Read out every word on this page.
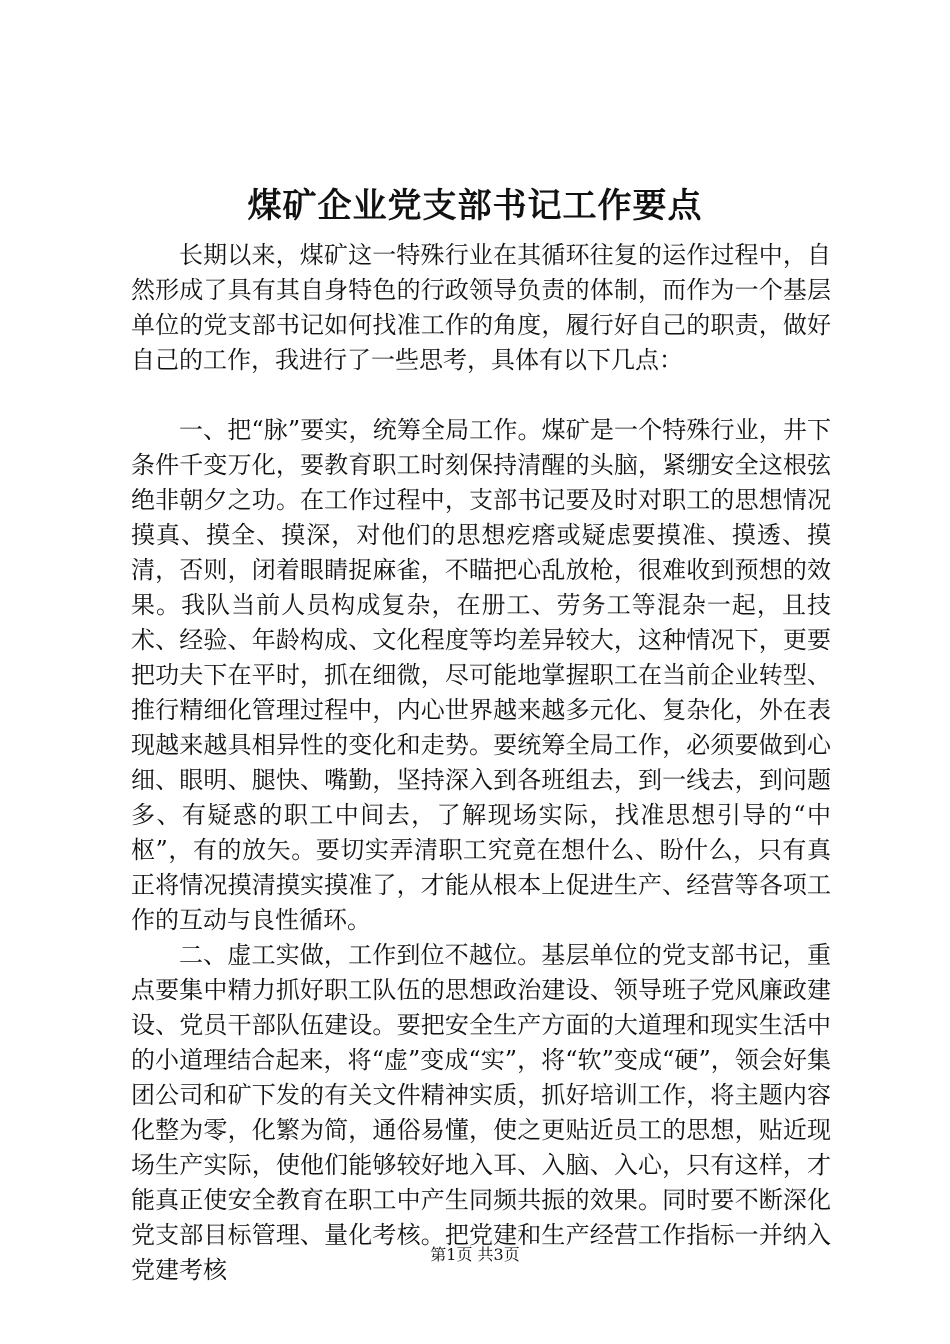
煤矿企业党支部书记工作要点

长期以来，煤矿这一特殊行业在其循环往复的运作过程中，自然形成了具有其自身特色的行政领导负责的体制，而作为一个基层单位的党支部书记如何找准工作的角度，履行好自己的职责，做好自己的工作，我进行了一些思考，具体有以下几点：

一、把“脉”要实，统筹全局工作。煤矿是一个特殊行业，井下条件千变万化，要教育职工时刻保持清醒的头脑，紧绷安全这根弦绝非朝夕之功。在工作过程中，支部书记要及时对职工的思想情况摸真、摸全、摸深，对他们的思想疙瘩或疑虑要摸准、摸透、摸清，否则，闭着眼睛捉麻雀，不瞄把心乱放枪，很难收到预想的效果。我队当前人员构成复杂，在册工、劳务工等混杂一起，且技术、经验、年龄构成、文化程度等均差异较大，这种情况下，更要把功夫下在平时，抓在细微，尽可能地掌握职工在当前企业转型、推行精细化管理过程中，内心世界越来越多元化、复杂化，外在表现越来越具相异性的变化和走势。要统筹全局工作，必须要做到心细、眼明、腿快、嘴勤，坚持深入到各班组去，到一线去，到问题多、有疑惑的职工中间去，了解现场实际，找准思想引导的“中枢”，有的放矢。要切实弄清职工究竟在想什么、盼什么，只有真正将情况摸清摸实摸准了，才能从根本上促进生产、经营等各项工作的互动与良性循环。

二、虚工实做，工作到位不越位。基层单位的党支部书记，重点要集中精力抓好职工队伍的思想政治建设、领导班子党风廉政建设、党员干部队伍建设。要把安全生产方面的大道理和现实生活中的小道理结合起来，将“虚”变成“实”，将“软”变成“硬”，领会好集团公司和矿下发的有关文件精神实质，抓好培训工作，将主题内容化整为零，化繁为简，通俗易懂，使之更贴近员工的思想，贴近现场生产实际，使他们能够较好地入耳、入脑、入心，只有这样，才能真正使安全教育在职工中产生同频共振的效果。同时要不断深化党支部目标管理、量化考核。把党建和生产经营工作指标一并纳入党建考核

第1页 共3页
